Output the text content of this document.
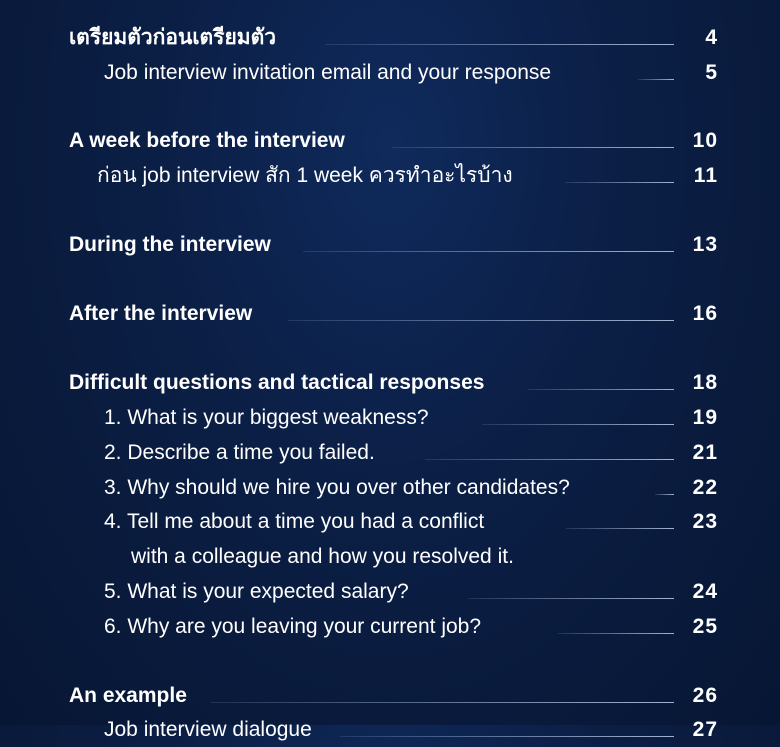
เตรียมตัวก่อนเตรียมตัว	4
Job interview invitation email and your response	5
A week before the interview	10
ก่อน job interview สัก 1 week ควรทำอะไรบ้าง	11
During the interview	13
After the interview	16
Difficult questions and tactical responses	18
1. What is your biggest weakness?	19
2. Describe a time you failed.	21
3. Why should we hire you over other candidates?	22
4. Tell me about a time you had a conflict	23
with a colleague and how you resolved it.
5. What is your expected salary?	24
6. Why are you leaving your current job?	25
An example	26
Job interview dialogue	27
